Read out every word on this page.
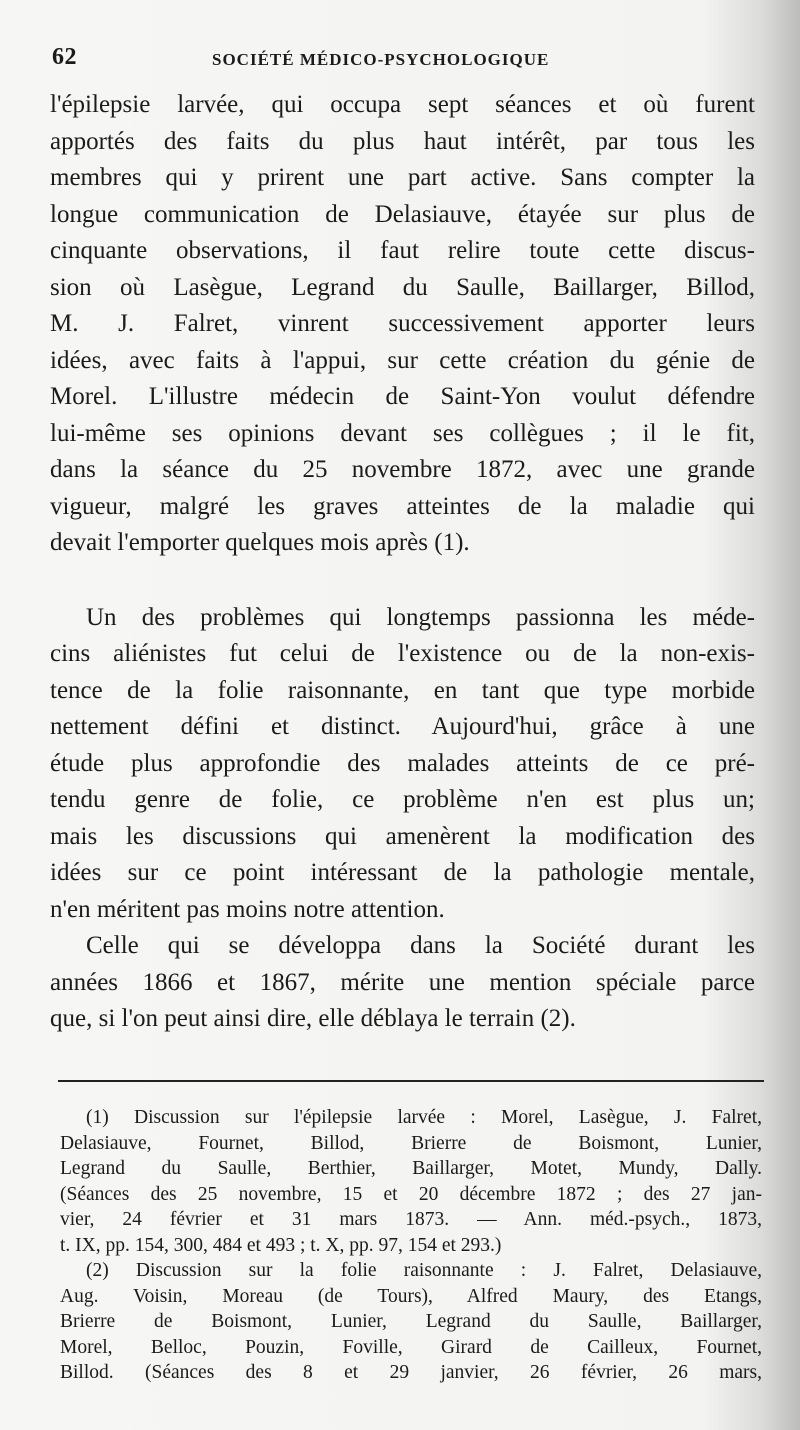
62	SOCIÉTÉ MÉDICO-PSYCHOLOGIQUE
l'épilepsie larvée, qui occupa sept séances et où furent
apportés des faits du plus haut intérêt, par tous les
membres qui y prirent une part active. Sans compter la
longue communication de Delasiauve, étayée sur plus de
cinquante observations, il faut relire toute cette discus-
sion où Lasègue, Legrand du Saulle, Baillarger, Billod,
M. J. Falret, vinrent successivement apporter leurs
idées, avec faits à l'appui, sur cette création du génie de
Morel. L'illustre médecin de Saint-Yon voulut défendre
lui-même ses opinions devant ses collègues ; il le fit,
dans la séance du 25 novembre 1872, avec une grande
vigueur, malgré les graves atteintes de la maladie qui
devait l'emporter quelques mois après (1).
Un des problèmes qui longtemps passionna les méde-
cins aliénistes fut celui de l'existence ou de la non-exis-
tence de la folie raisonnante, en tant que type morbide
nettement défini et distinct. Aujourd'hui, grâce à une
étude plus approfondie des malades atteints de ce pré-
tendu genre de folie, ce problème n'en est plus un;
mais les discussions qui amenèrent la modification des
idées sur ce point intéressant de la pathologie mentale,
n'en méritent pas moins notre attention.
Celle qui se développa dans la Société durant les
années 1866 et 1867, mérite une mention spéciale parce
que, si l'on peut ainsi dire, elle déblaya le terrain (2).
(1) Discussion sur l'épilepsie larvée : Morel, Lasègue, J. Falret,
Delasiauve, Fournet, Billod, Brierre de Boismont, Lunier,
Legrand du Saulle, Berthier, Baillarger, Motet, Mundy, Dally.
(Séances des 25 novembre, 15 et 20 décembre 1872 ; des 27 jan-
vier, 24 février et 31 mars 1873. — Ann. méd.-psych., 1873,
t. IX, pp. 154, 300, 484 et 493 ; t. X, pp. 97, 154 et 293.)
(2) Discussion sur la folie raisonnante : J. Falret, Delasiauve,
Aug. Voisin, Moreau (de Tours), Alfred Maury, des Etangs,
Brierre de Boismont, Lunier, Legrand du Saulle, Baillarger,
Morel, Belloc, Pouzin, Foville, Girard de Cailleux, Fournet,
Billod. (Séances des 8 et 29 janvier, 26 février, 26 mars,
